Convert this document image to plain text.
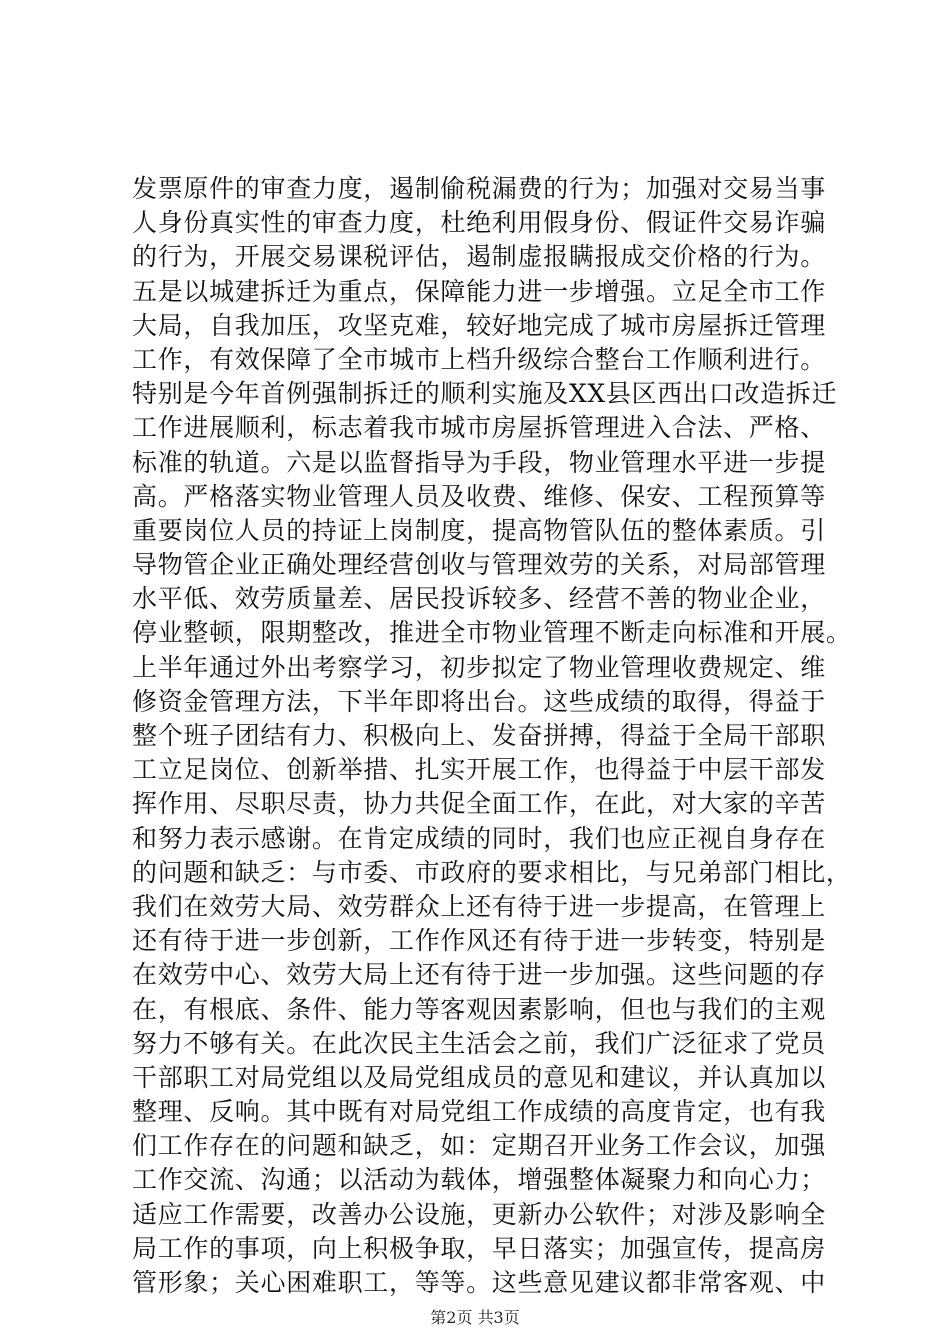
发票原件的审查力度，遏制偷税漏费的行为；加强对交易当事
人身份真实性的审查力度，杜绝利用假身份、假证件交易诈骗
的行为，开展交易课税评估，遏制虚报瞒报成交价格的行为。
五是以城建拆迁为重点，保障能力进一步增强。立足全市工作
大局，自我加压，攻坚克难，较好地完成了城市房屋拆迁管理
工作，有效保障了全市城市上档升级综合整台工作顺利进行。
特别是今年首例强制拆迁的顺利实施及XX县区西出口改造拆迁
工作进展顺利，标志着我市城市房屋拆管理进入合法、严格、
标准的轨道。六是以监督指导为手段，物业管理水平进一步提
高。严格落实物业管理人员及收费、维修、保安、工程预算等
重要岗位人员的持证上岗制度，提高物管队伍的整体素质。引
导物管企业正确处理经营创收与管理效劳的关系，对局部管理
水平低、效劳质量差、居民投诉较多、经营不善的物业企业，
停业整顿，限期整改，推进全市物业管理不断走向标准和开展。
上半年通过外出考察学习，初步拟定了物业管理收费规定、维
修资金管理方法，下半年即将出台。这些成绩的取得，得益于
整个班子团结有力、积极向上、发奋拼搏，得益于全局干部职
工立足岗位、创新举措、扎实开展工作，也得益于中层干部发
挥作用、尽职尽责，协力共促全面工作，在此，对大家的辛苦
和努力表示感谢。在肯定成绩的同时，我们也应正视自身存在
的问题和缺乏：与市委、市政府的要求相比，与兄弟部门相比，
我们在效劳大局、效劳群众上还有待于进一步提高，在管理上
还有待于进一步创新，工作作风还有待于进一步转变，特别是
在效劳中心、效劳大局上还有待于进一步加强。这些问题的存
在，有根底、条件、能力等客观因素影响，但也与我们的主观
努力不够有关。在此次民主生活会之前，我们广泛征求了党员
干部职工对局党组以及局党组成员的意见和建议，并认真加以
整理、反响。其中既有对局党组工作成绩的高度肯定，也有我
们工作存在的问题和缺乏，如：定期召开业务工作会议，加强
工作交流、沟通；以活动为载体，增强整体凝聚力和向心力；
适应工作需要，改善办公设施，更新办公软件；对涉及影响全
局工作的事项，向上积极争取，早日落实；加强宣传，提高房
管形象；关心困难职工，等等。这些意见建议都非常客观、中
第2页 共3页
